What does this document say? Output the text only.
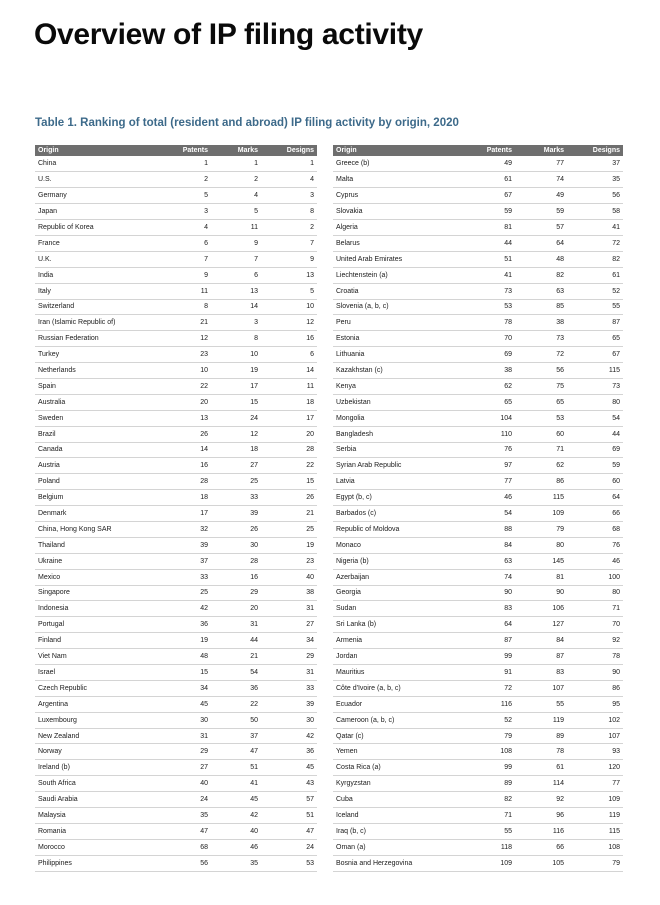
Overview of IP filing activity

Table 1. Ranking of total (resident and abroad) IP filing activity by origin, 2020

Origin	Patents	Marks	Designs
China	1	1	1
U.S.	2	2	4
Germany	5	4	3
Japan	3	5	8
Republic of Korea	4	11	2
France	6	9	7
U.K.	7	7	9
India	9	6	13
Italy	11	13	5
Switzerland	8	14	10
Iran (Islamic Republic of)	21	3	12
Russian Federation	12	8	16
Turkey	23	10	6
Netherlands	10	19	14
Spain	22	17	11
Australia	20	15	18
Sweden	13	24	17
Brazil	26	12	20
Canada	14	18	28
Austria	16	27	22
Poland	28	25	15
Belgium	18	33	26
Denmark	17	39	21
China, Hong Kong SAR	32	26	25
Thailand	39	30	19
Ukraine	37	28	23
Mexico	33	16	40
Singapore	25	29	38
Indonesia	42	20	31
Portugal	36	31	27
Finland	19	44	34
Viet Nam	48	21	29
Israel	15	54	31
Czech Republic	34	36	33
Argentina	45	22	39
Luxembourg	30	50	30
New Zealand	31	37	42
Norway	29	47	36
Ireland (b)	27	51	45
South Africa	40	41	43
Saudi Arabia	24	45	57
Malaysia	35	42	51
Romania	47	40	47
Morocco	68	46	24
Philippines	56	35	53
Origin	Patents	Marks	Designs
Greece (b)	49	77	37
Malta	61	74	35
Cyprus	67	49	56
Slovakia	59	59	58
Algeria	81	57	41
Belarus	44	64	72
United Arab Emirates	51	48	82
Liechtenstein (a)	41	82	61
Croatia	73	63	52
Slovenia (a, b, c)	53	85	55
Peru	78	38	87
Estonia	70	73	65
Lithuania	69	72	67
Kazakhstan (c)	38	56	115
Kenya	62	75	73
Uzbekistan	65	65	80
Mongolia	104	53	54
Bangladesh	110	60	44
Serbia	76	71	69
Syrian Arab Republic	97	62	59
Latvia	77	86	60
Egypt (b, c)	46	115	64
Barbados (c)	54	109	66
Republic of Moldova	88	79	68
Monaco	84	80	76
Nigeria (b)	63	145	46
Azerbaijan	74	81	100
Georgia	90	90	80
Sudan	83	106	71
Sri Lanka (b)	64	127	70
Armenia	87	84	92
Jordan	99	87	78
Mauritius	91	83	90
Côte d'Ivoire (a, b, c)	72	107	86
Ecuador	116	55	95
Cameroon (a, b, c)	52	119	102
Qatar (c)	79	89	107
Yemen	108	78	93
Costa Rica (a)	99	61	120
Kyrgyzstan	89	114	77
Cuba	82	92	109
Iceland	71	96	119
Iraq (b, c)	55	116	115
Oman (a)	118	66	108
Bosnia and Herzegovina	109	105	79
